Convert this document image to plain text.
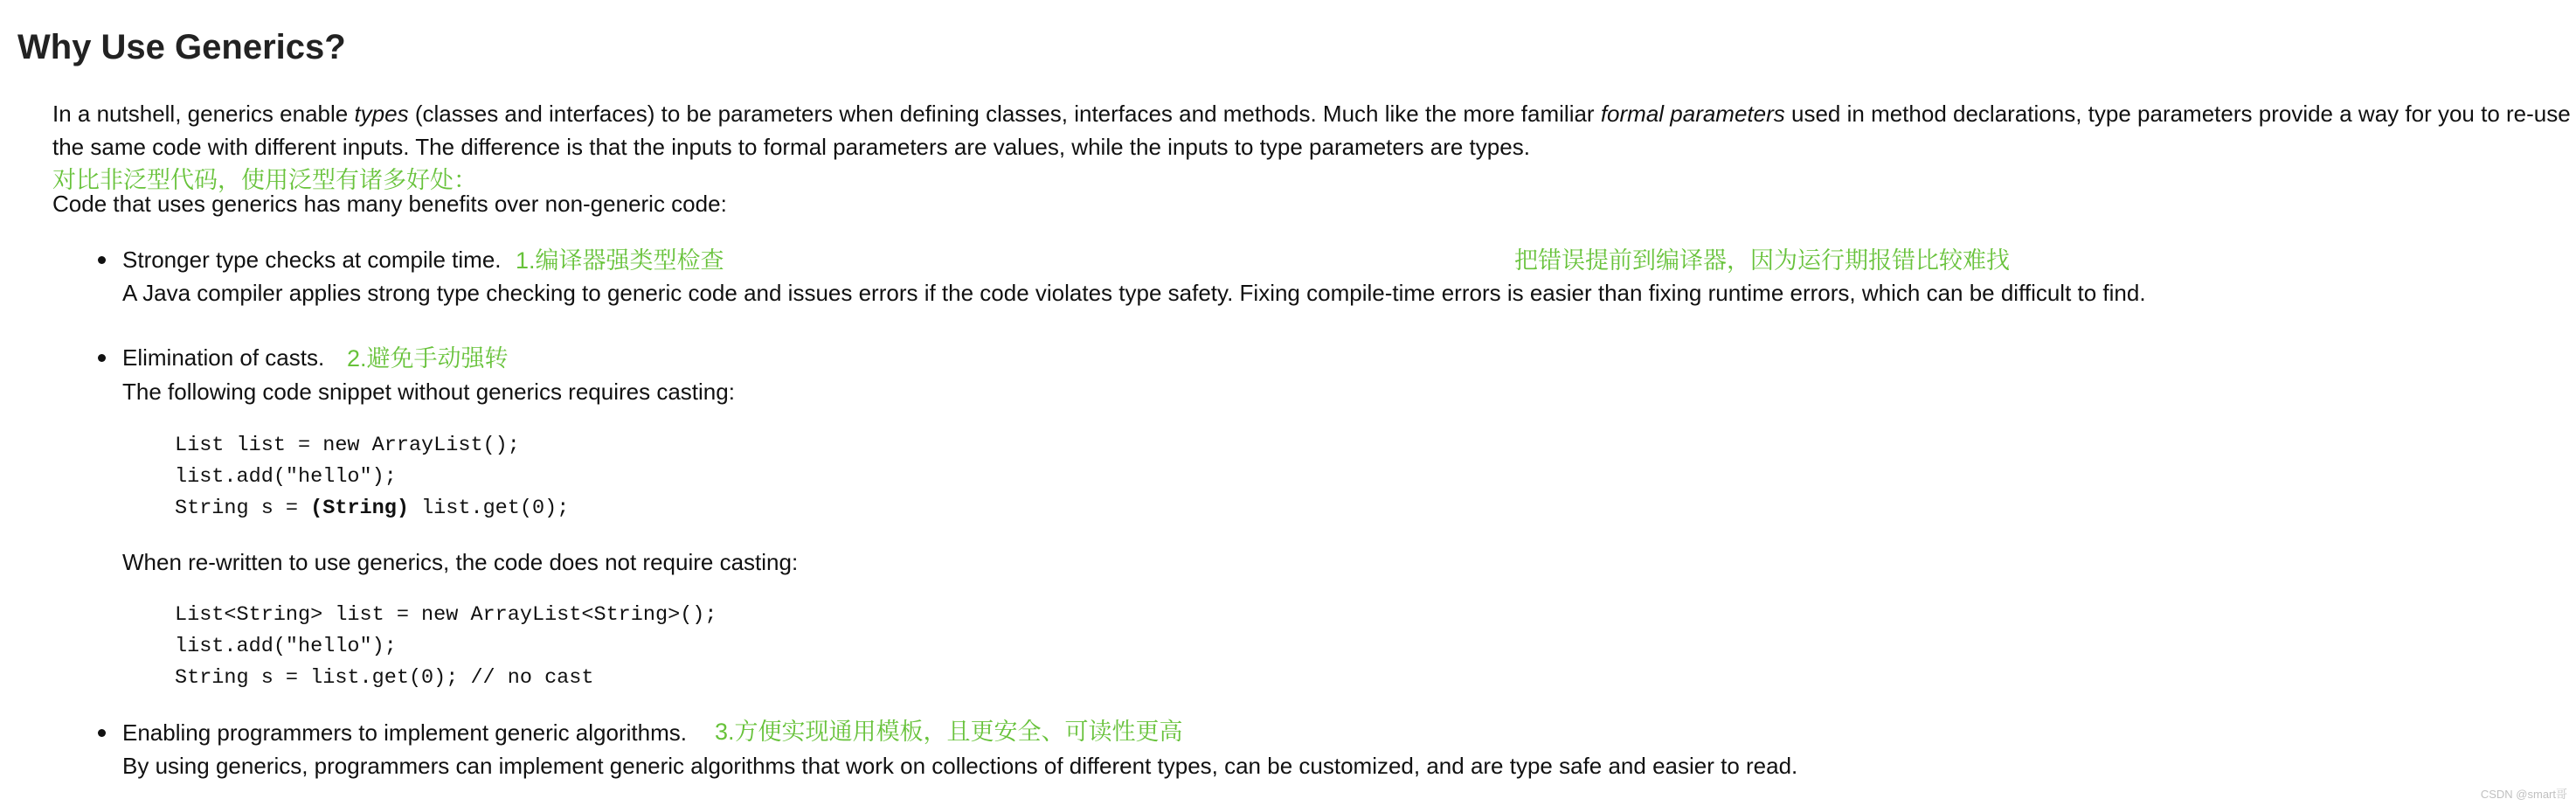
Why Use Generics?
In a nutshell, generics enable types (classes and interfaces) to be parameters when defining classes, interfaces and methods. Much like the more familiar formal parameters used in method declarations, type parameters provide a way for you to re-use
the same code with different inputs. The difference is that the inputs to formal parameters are values, while the inputs to type parameters are types.
对比非泛型代码，使用泛型有诸多好处：
Code that uses generics has many benefits over non-generic code:
Stronger type checks at compile time. 1.编译器强类型检查	把错误提前到编译器，因为运行期报错比较难找
A Java compiler applies strong type checking to generic code and issues errors if the code violates type safety. Fixing compile-time errors is easier than fixing runtime errors, which can be difficult to find.
Elimination of casts. 2.避免手动强转
The following code snippet without generics requires casting:
List list = new ArrayList();
list.add("hello");
String s = (String) list.get(0);
When re-written to use generics, the code does not require casting:
List<String> list = new ArrayList<String>();
list.add("hello");
String s = list.get(0); // no cast
Enabling programmers to implement generic algorithms. 3.方便实现通用模板，且更安全、可读性更高
By using generics, programmers can implement generic algorithms that work on collections of different types, can be customized, and are type safe and easier to read.
CSDN @smart哥
